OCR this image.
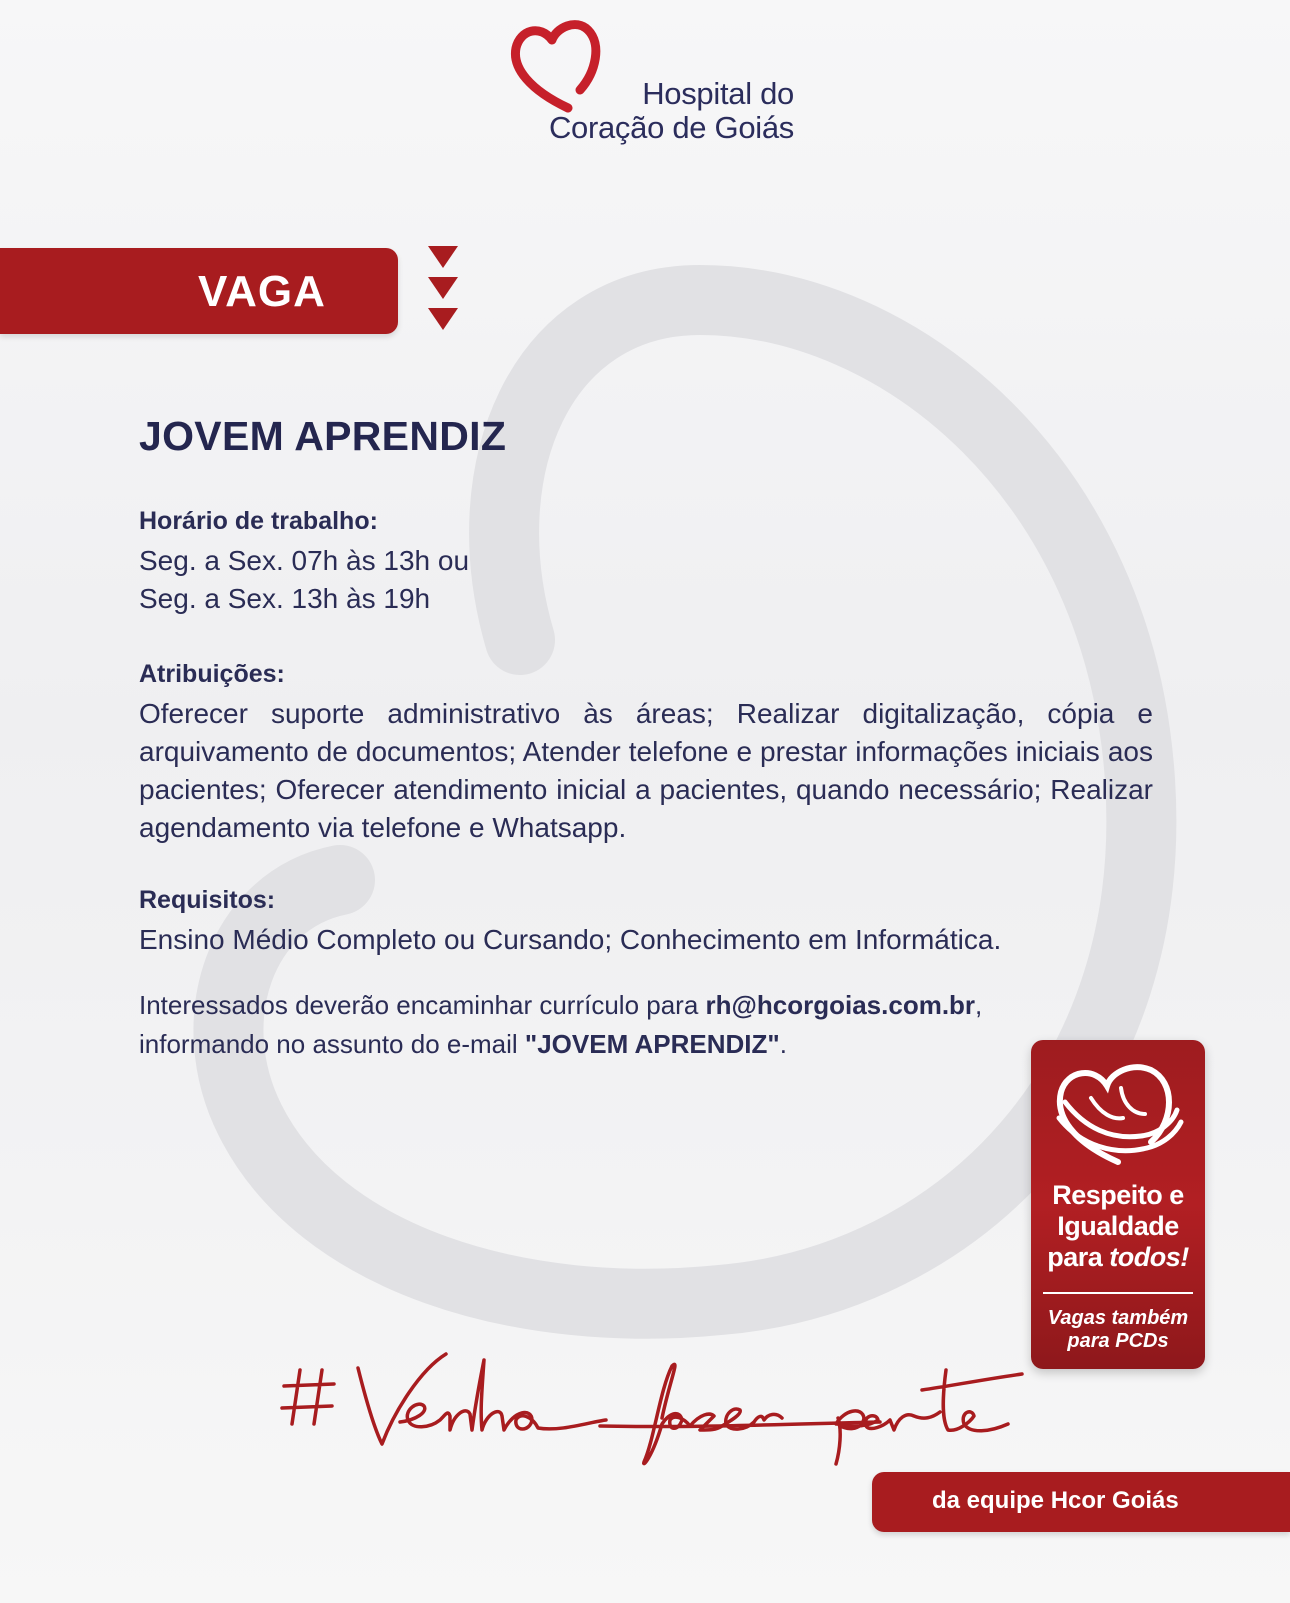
Hospital do
Coração de Goiás
VAGA
JOVEM APRENDIZ
Horário de trabalho:
Seg. a Sex. 07h às 13h ou
Seg. a Sex. 13h às 19h
Atribuições:
Oferecer suporte administrativo às áreas; Realizar digitalização, cópia e arquivamento de documentos; Atender telefone e prestar informações iniciais aos pacientes; Oferecer atendimento inicial a pacientes, quando necessário; Realizar agendamento via telefone e Whatsapp.
Requisitos:
Ensino Médio Completo ou Cursando; Conhecimento em Informática.
Interessados deverão encaminhar currículo para rh@hcorgoias.com.br,
informando no assunto do e-mail "JOVEM APRENDIZ".
Respeito e
Igualdade
para todos!
Vagas também
para PCDs
da equipe Hcor Goiás
